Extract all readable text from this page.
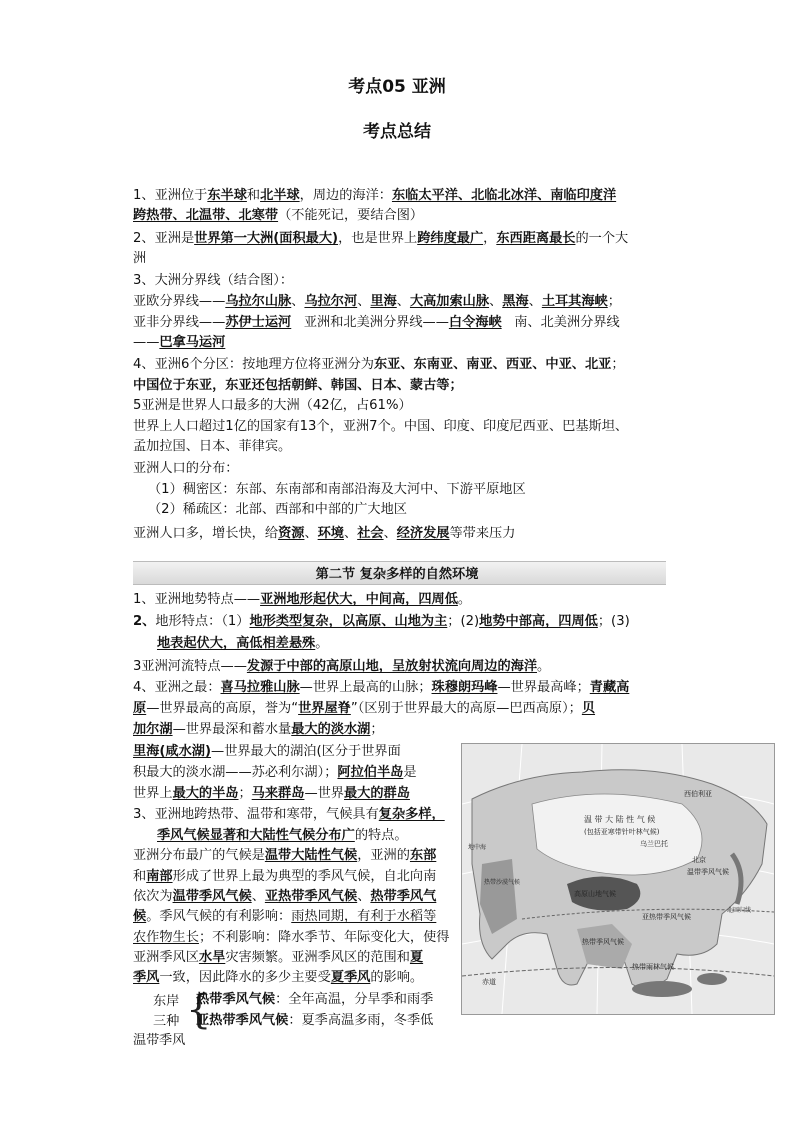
考点05 亚洲
考点总结
1、亚洲位于东半球和北半球，周边的海洋：东临太平洋、北临北冰洋、南临印度洋
跨热带、北温带、北寒带（不能死记，要结合图）
2、亚洲是世界第一大洲(面积最大)，也是世界上跨纬度最广，东西距离最长的一个大
洲
3、大洲分界线（结合图）：
亚欧分界线——乌拉尔山脉、乌拉尔河、里海、大高加索山脉、黑海、土耳其海峡；
亚非分界线——苏伊士运河   亚洲和北美洲分界线——白令海峡   南、北美洲分界线
——巴拿马运河
4、亚洲6个分区：按地理方位将亚洲分为东亚、东南亚、南亚、西亚、中亚、北亚；
中国位于东亚，东亚还包括朝鲜、韩国、日本、蒙古等；
5亚洲是世界人口最多的大洲（42亿，占61%）
世界上人口超过1亿的国家有13个，亚洲7个。中国、印度、印度尼西亚、巴基斯坦、
孟加拉国、日本、菲律宾。
亚洲人口的分布：
（1）稠密区：东部、东南部和南部沿海及大河中、下游平原地区
（2）稀疏区：北部、西部和中部的广大地区
亚洲人口多，增长快，给资源、环境、社会、经济发展等带来压力
第二节 复杂多样的自然环境
1、亚洲地势特点——亚洲地形起伏大，中间高，四周低。
2、地形特点：（1）地形类型复杂，以高原、山地为主；(2)地势中部高，四周低；(3)
地表起伏大，高低相差悬殊。
3亚洲河流特点——发源于中部的高原山地，呈放射状流向周边的海洋。
4、亚洲之最：喜马拉雅山脉—世界上最高的山脉；珠穆朗玛峰—世界最高峰；青藏高
原—世界最高的高原，誉为“世界屋脊”（区别于世界最大的高原—巴西高原）；贝
加尔湖—世界最深和蓄水量最大的淡水湖；
里海(咸水湖)—世界最大的湖泊(区分于世界面
积最大的淡水湖——苏必利尔湖）；阿拉伯半岛是
世界上最大的半岛；马来群岛—世界最大的群岛
3、亚洲地跨热带、温带和寒带，气候具有复杂多样，
季风气候显著和大陆性气候分布广的特点。
亚洲分布最广的气候是温带大陆性气候，亚洲的东部
和南部形成了世界上最为典型的季风气候，自北向南
依次为温带季风气候、亚热带季风气候、热带季风气
候。季风气候的有利影响：雨热同期，有利于水稻等
农作物生长；不利影响：降水季节、年际变化大，使得
亚洲季风区水旱灾害频繁。亚洲季风区的范围和夏
季风一致，因此降水的多少主要受夏季风的影响。
东岸
三种
温带 季风
{
热带季风气候：全年高温，分旱季和雨季
亚热带季风气候：夏季高温多雨，冬季低
西伯利亚
温 带 大 陆 性 气 候
(包括亚寒带针叶林气候)
乌兰巴托
地中海
热带沙漠气候
高原山地气候
北回归线
亚热带季风气候
温带季风气候
热带季风气候
热带雨林气候
赤道
北京
